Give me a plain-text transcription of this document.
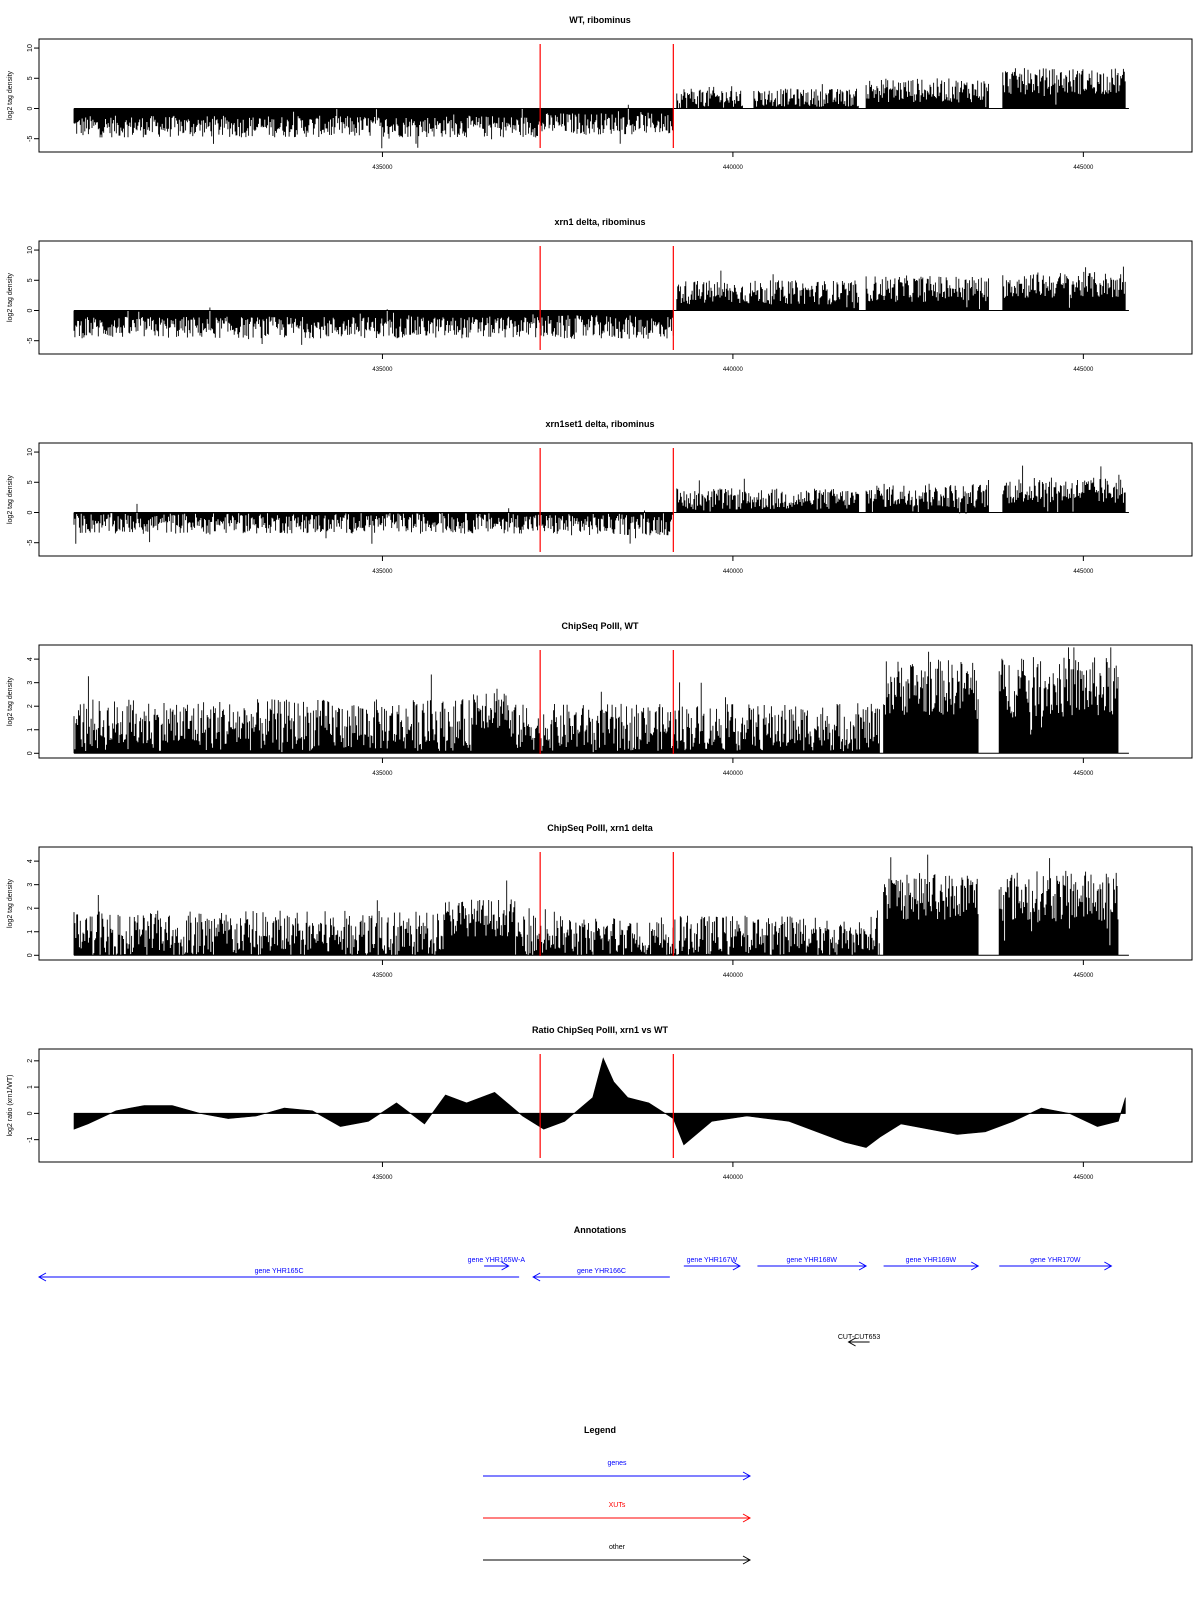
WT, ribominus
log2 tag density
-5
0
5
10
435000	440000	445000
xrn1 delta, ribominus
log2 tag density
-5
0
5
10
435000	440000	445000
xrn1set1 delta, ribominus
log2 tag density
-5
0
5
10
435000	440000	445000
ChipSeq PolII, WT
log2 tag density
0
1
2
3
4
435000	440000	445000
ChipSeq PolII, xrn1 delta
log2 tag density
0
1
2
3
4
435000	440000	445000
Ratio ChipSeq PolII, xrn1 vs WT
log2 ratio (xrn1/WT)
-1
0
1
2
435000	440000	445000
Annotations
gene YHR165C
gene YHR165W-A
gene YHR166C
gene YHR167W	gene YHR168W	gene YHR169W	gene YHR170W
CUT-CUT653
Legend
genes
XUTs
other
